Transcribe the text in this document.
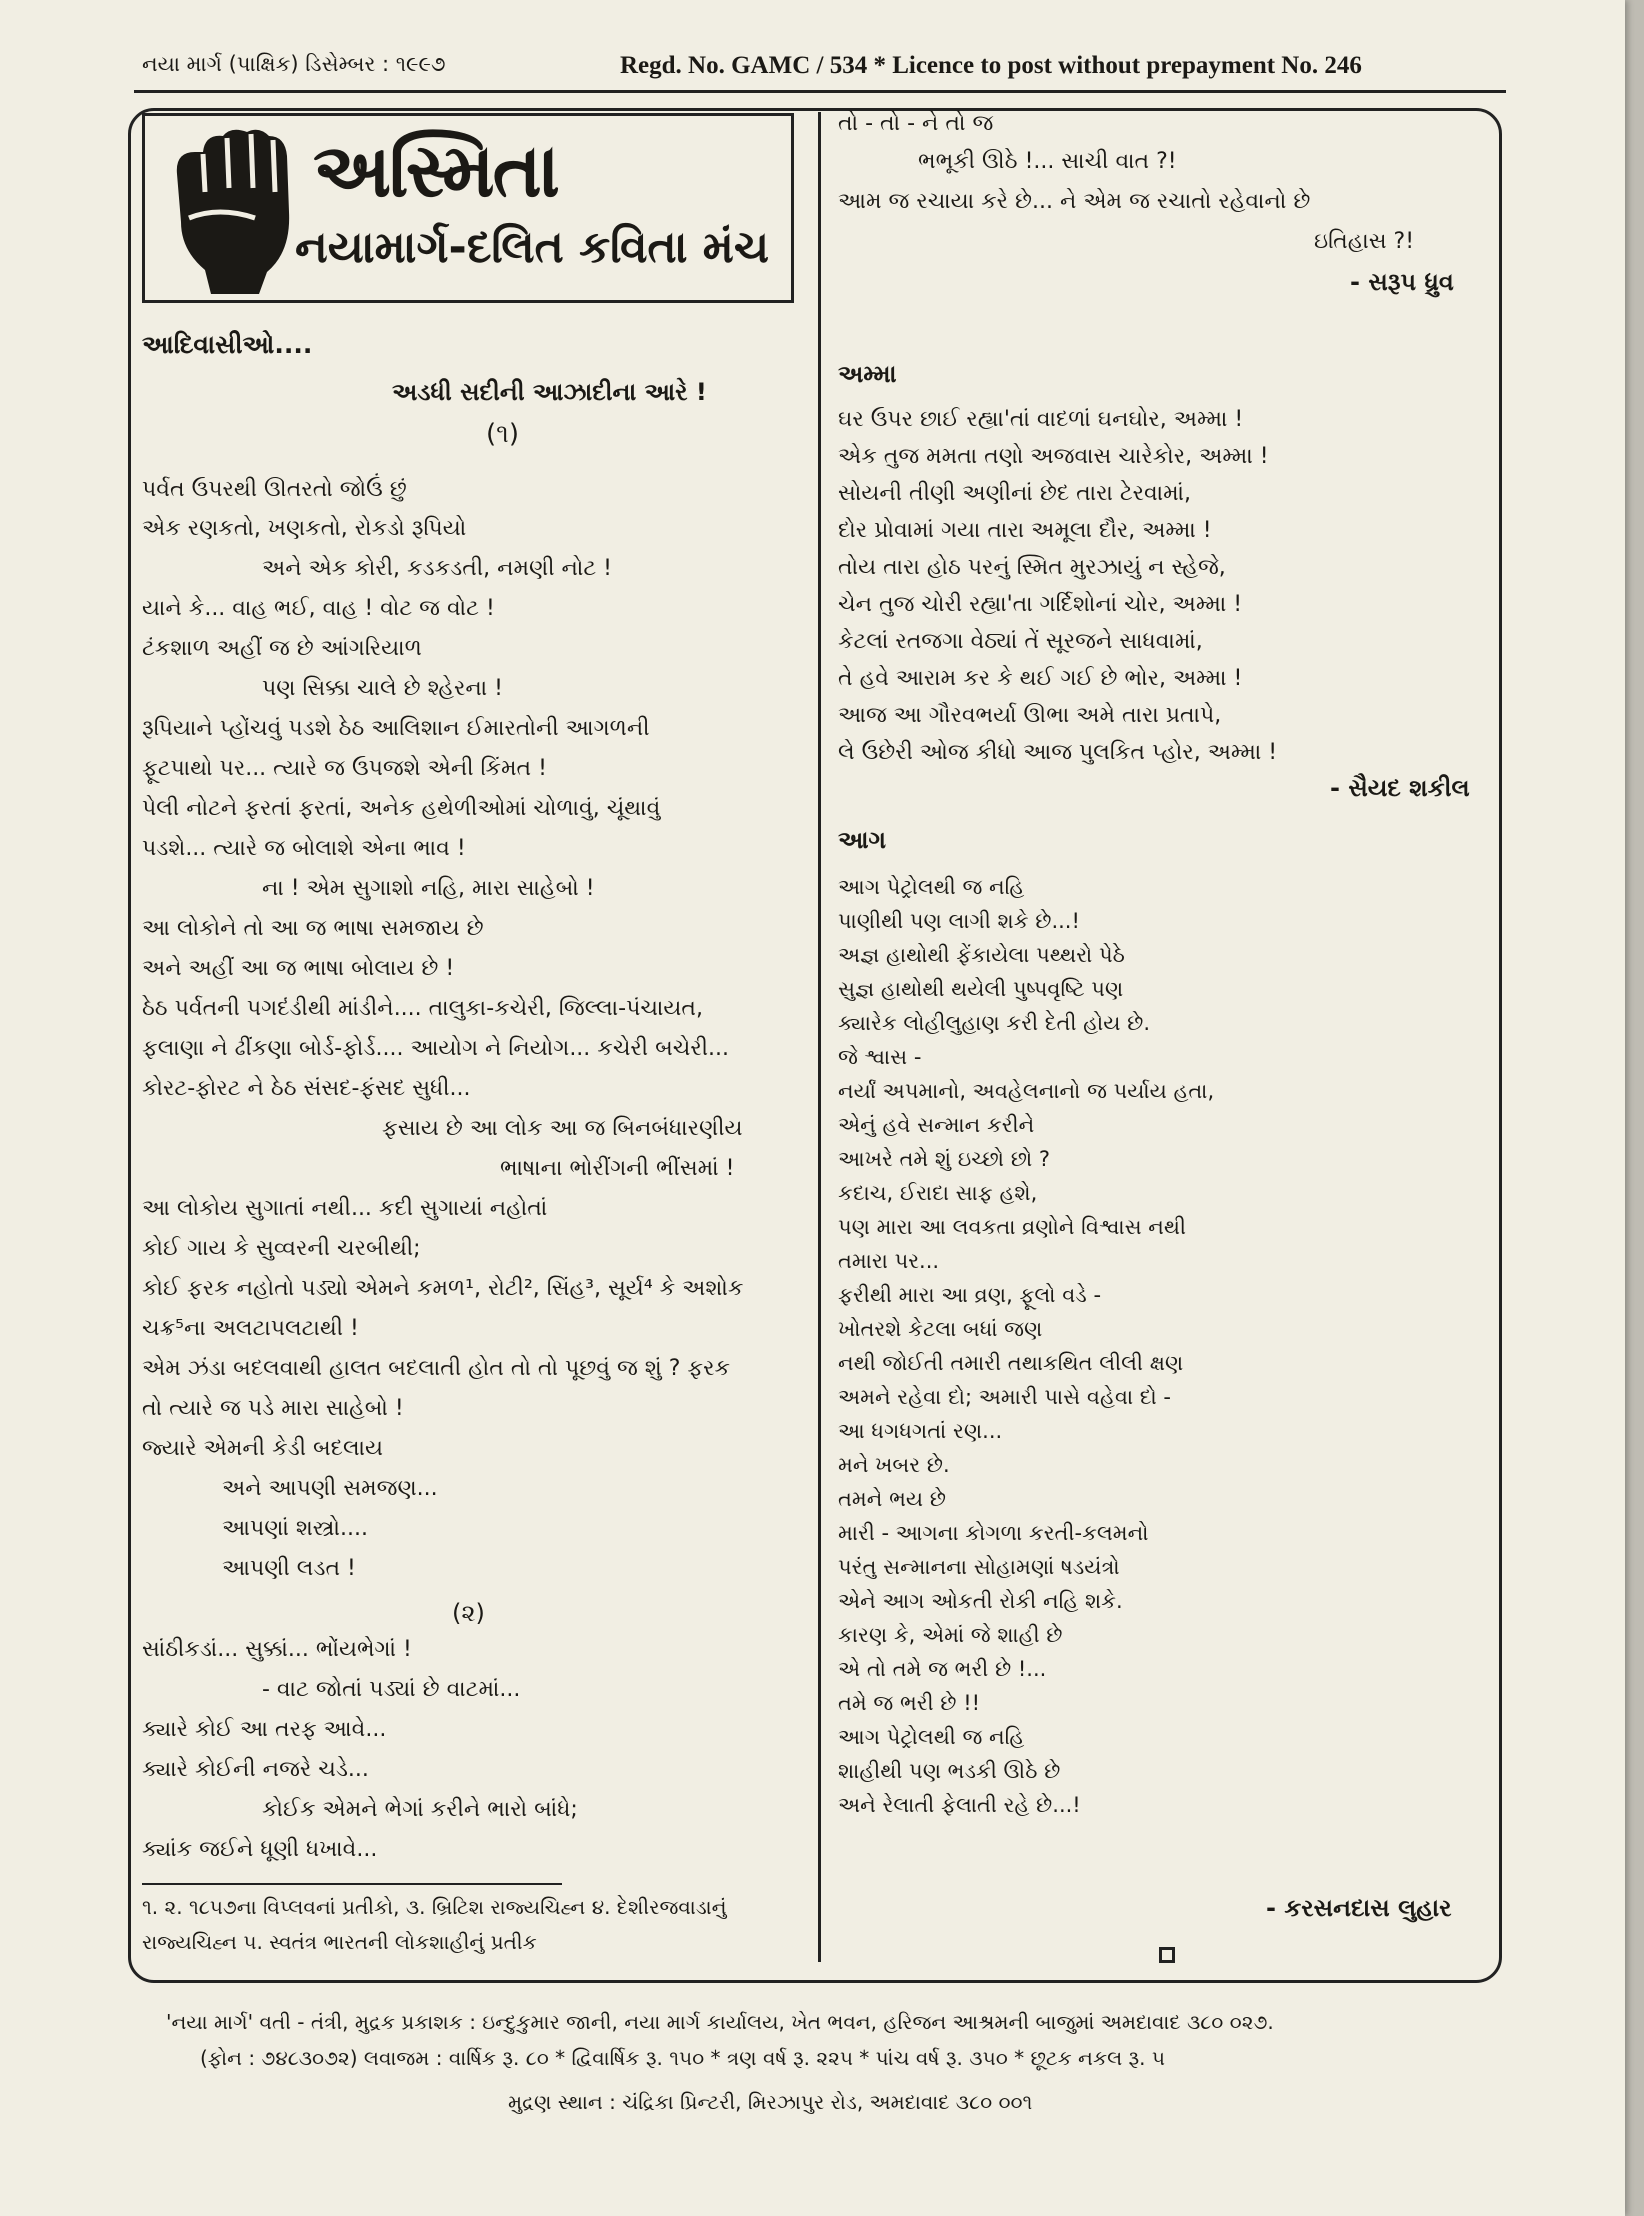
નયા માર્ગ (પાક્ષિક) ડિસેમ્બર : ૧૯૯૭	Regd. No. GAMC / 534 * Licence to post without prepayment No. 246
અસ્મિતા
નયામાર્ગ-દલિત કવિતા મંચ
આદિવાસીઓ....
અડધી સદીની આઝાદીના આરે !
(૧)
પર્વત ઉપરથી ઊતરતો જોઉં છું
એક રણકતો, ખણકતો, રોકડો રૂપિયો
અને એક કોરી, કડકડતી, નમણી નોટ !
યાને કે... વાહ ભઈ, વાહ ! વોટ જ વોટ !
ટંકશાળ અહીં જ છે આંગરિયાળ
પણ સિક્કા ચાલે છે શ્હેરના !
રૂપિયાને પ્હોંચવું પડશે ઠેઠ આલિશાન ઈમારતોની આગળની
ફૂટપાથો પર... ત્યારે જ ઉપજશે એની કિંમત !
પેલી નોટને ફરતાં ફરતાં, અનેક હથેળીઓમાં ચોળાવું, ચૂંથાવું
પડશે... ત્યારે જ બોલાશે એના ભાવ !
ના ! એમ સુગાશો નહિ, મારા સાહેબો !
આ લોકોને તો આ જ ભાષા સમજાય છે
અને અહીં આ જ ભાષા બોલાય છે !
ઠેઠ પર્વતની પગદંડીથી માંડીને.... તાલુકા-કચેરી, જિલ્લા-પંચાયત,
ફલાણા ને ઢીંકણા બોર્ડ-ફોર્ડ.... આયોગ ને નિયોગ... કચેરી બચેરી...
કોરટ-ફોરટ ને ઠેઠ સંસદ-ફંસદ સુધી...
ફસાય છે આ લોક આ જ બિનબંધારણીય
ભાષાના ભોરીંગની ભીંસમાં !
આ લોકોય સુગાતાં નથી... કદી સુગાયાં નહોતાં
કોઈ ગાય કે સુવ્વરની ચરબીથી;
કોઈ ફરક નહોતો પડ્યો એમને કમળ¹, રોટી², સિંહ³, સૂર્ય⁴ કે અશોક
ચક્ર⁵ના અલટાપલટાથી !
એમ ઝંડા બદલવાથી હાલત બદલાતી હોત તો તો પૂછવું જ શું ? ફરક
તો ત્યારે જ પડે મારા સાહેબો !
જ્યારે એમની કેડી બદલાય
અને આપણી સમજણ...
આપણાં શસ્ત્રો....
આપણી લડત !
(૨)
સાંઠીકડાં... સુક્કાં... ભોંયભેગાં !
- વાટ જોતાં પડ્યાં છે વાટમાં...
ક્યારે કોઈ આ તરફ આવે...
ક્યારે કોઈની નજરે ચડે...
કોઈક એમને ભેગાં કરીને ભારો બાંધે;
ક્યાંક જઈને ધૂણી ધખાવે...
૧. ૨. ૧૮૫૭ના વિપ્લવનાં પ્રતીકો, ૩. બ્રિટિશ રાજ્યચિહ્ન ૪. દેશીરજવાડાનું
રાજ્યચિહ્ન ૫. સ્વતંત્ર ભારતની લોકશાહીનું પ્રતીક
તો - તો - ને તો જ
ભભૂકી ઊઠે !... સાચી વાત ?!
આમ જ રચાયા કરે છે... ને એમ જ રચાતો રહેવાનો છે
ઇતિહાસ ?!
- સરૂપ ધ્રુવ
અમ્મા
ઘર ઉપર છાઈ રહ્યા'તાં વાદળાં ઘનઘોર, અમ્મા !
એક તુજ મમતા તણો અજવાસ ચારેકોર, અમ્મા !
સોયની તીણી અણીનાં છેદ તારા ટેરવામાં,
દોર પ્રોવામાં ગયા તારા અમૂલા દૌર, અમ્મા !
તોય તારા હોઠ પરનું સ્મિત મુરઝાયું ન સ્હેજે,
ચેન તુજ ચોરી રહ્યા'તા ગર્દિશોનાં ચોર, અમ્મા !
કેટલાં રતજગા વેઠ્યાં તેં સૂરજને સાધવામાં,
તે હવે આરામ કર કે થઈ ગઈ છે ભોર, અમ્મા !
આજ આ ગૌરવભર્યા ઊભા અમે તારા પ્રતાપે,
લે ઉછેરી ઓજ કીધો આજ પુલકિત પ્હોર, અમ્મા !
- સૈયદ શકીલ
આગ
આગ પેટ્રોલથી જ નહિ
પાણીથી પણ લાગી શકે છે...!
અજ્ઞ હાથોથી ફેંકાયેલા પથ્થરો પેઠે
સુજ્ઞ હાથોથી થયેલી પુષ્પવૃષ્ટિ પણ
ક્યારેક લોહીલુહાણ કરી દેતી હોય છે.
જે શ્વાસ -
નર્યાં અપમાનો, અવહેલનાનો જ પર્યાય હતા,
એનું હવે સન્માન કરીને
આખરે તમે શું ઇચ્છો છો ?
કદાચ, ઈરાદા સાફ હશે,
પણ મારા આ લવકતા વ્રણોને વિશ્વાસ નથી
તમારા પર...
ફરીથી મારા આ વ્રણ, ફૂલો વડે -
ખોતરશે કેટલા બધાં જણ
નથી જોઈતી તમારી તથાકથિત લીલી ક્ષણ
અમને રહેવા દો; અમારી પાસે વહેવા દો -
આ ધગધગતાં રણ...
મને ખબર છે.
તમને ભય છે
મારી - આગના કોગળા કરતી-કલમનો
પરંતુ સન્માનના સોહામણાં ષડયંત્રો
એને આગ ઓકતી રોકી નહિ શકે.
કારણ કે, એમાં જે શાહી છે
એ તો તમે જ ભરી છે !...
તમે જ ભરી છે !!
આગ પેટ્રોલથી જ નહિ
શાહીથી પણ ભડકી ઊઠે છે
અને રેલાતી ફેલાતી રહે છે...!
- કરસનદાસ લુહાર
'નયા માર્ગ' વતી - તંત્રી, મુદ્રક પ્રકાશક : ઇન્દુકુમાર જાની, નયા માર્ગ કાર્યાલય, ખેત ભવન, હરિજન આશ્રમની બાજુમાં અમદાવાદ ૩૮૦ ૦૨૭.
(ફોન : ૭૪૮૩૦૭૨) લવાજમ : વાર્ષિક રૂ. ૮૦ * દ્વિવાર્ષિક રૂ. ૧૫૦ * ત્રણ વર્ષ રૂ. ૨૨૫ * પાંચ વર્ષ રૂ. ૩૫૦ * છૂટક નકલ રૂ. ૫
મુદ્રણ સ્થાન : ચંદ્રિકા પ્રિન્ટરી, મિરઝાપુર રોડ, અમદાવાદ ૩૮૦ ૦૦૧
